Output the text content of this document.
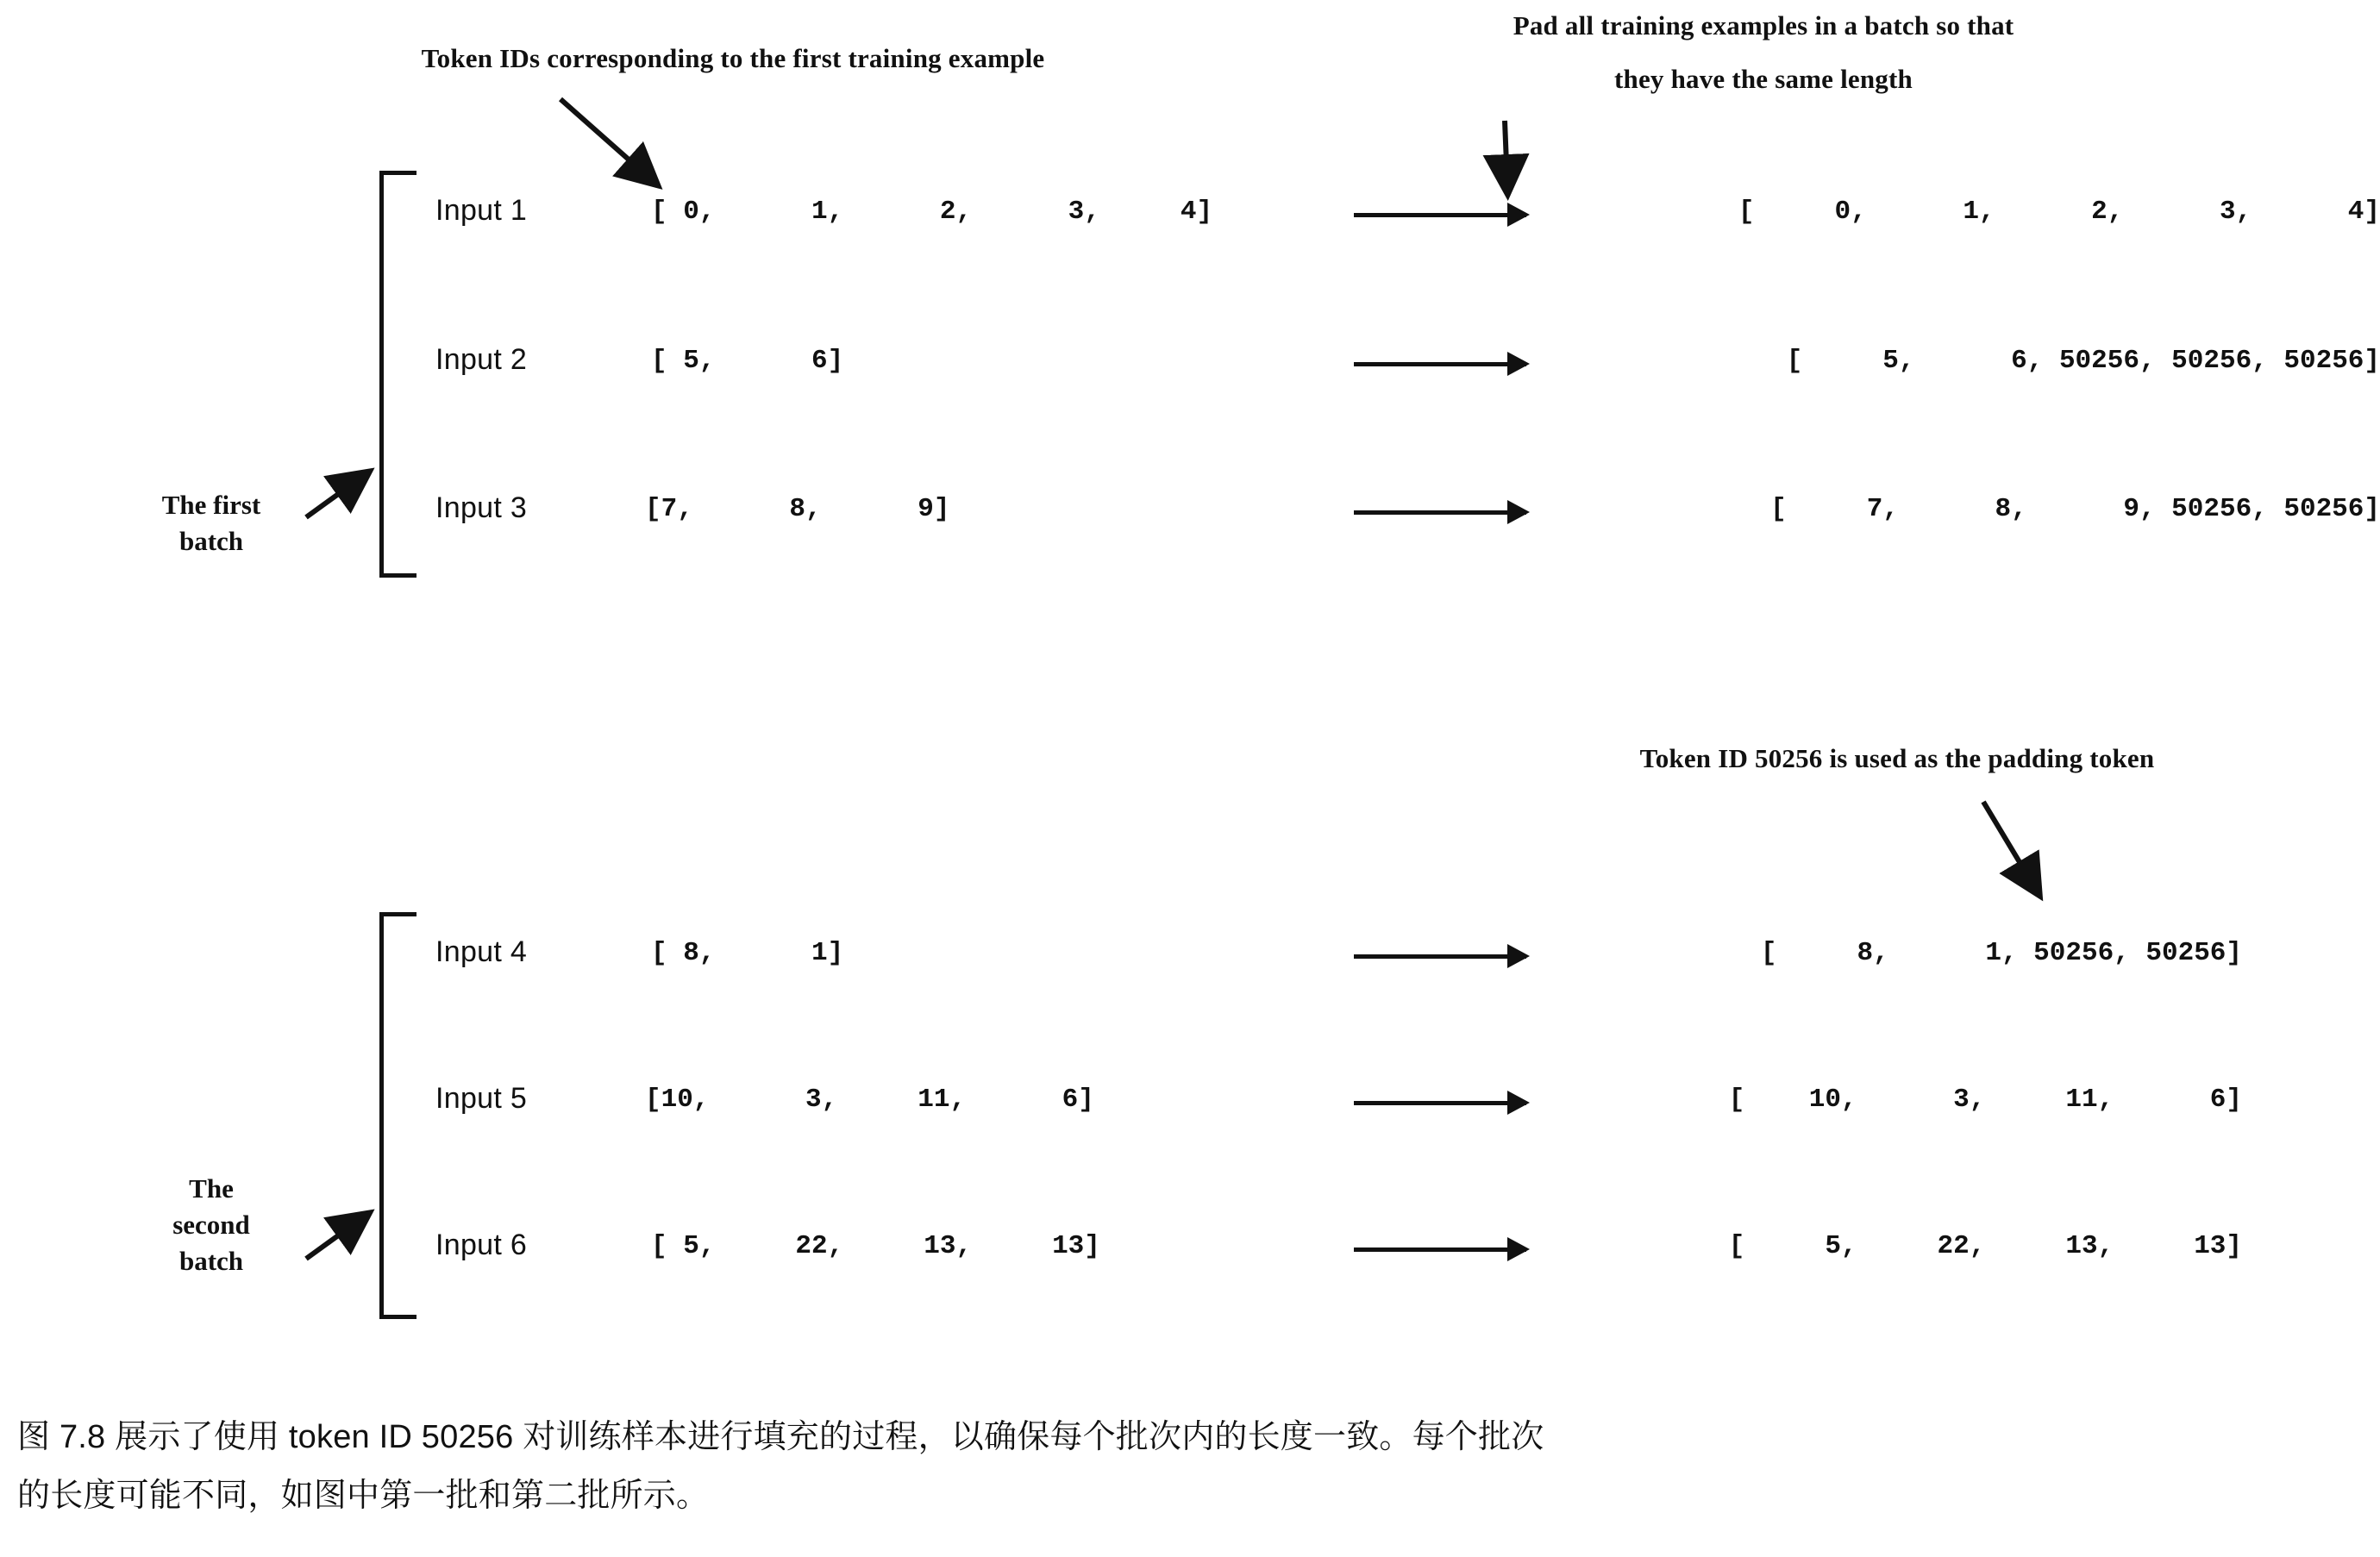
Token IDs corresponding to the first training example
Pad all training examples in a batch so that
they have the same length
Token ID 50256 is used as the padding token
The first
batch
Input 1	[ 0,      1,      2,      3,     4]	[     0,      1,      2,      3,      4]
Input 2	[ 5,      6]	[     5,      6, 50256, 50256, 50256]
Input 3	[7,      8,      9]	[     7,      8,      9, 50256, 50256]
The
second
batch
Input 4	[ 8,      1]	[     8,      1, 50256, 50256]
Input 5	[10,      3,     11,      6]	[    10,      3,     11,      6]
Input 6	[ 5,     22,     13,     13]	[     5,     22,     13,     13]
图 7.8 展示了使用 token ID 50256 对训练样本进行填充的过程，以确保每个批次内的长度一致。每个批次
的长度可能不同，如图中第一批和第二批所示。
